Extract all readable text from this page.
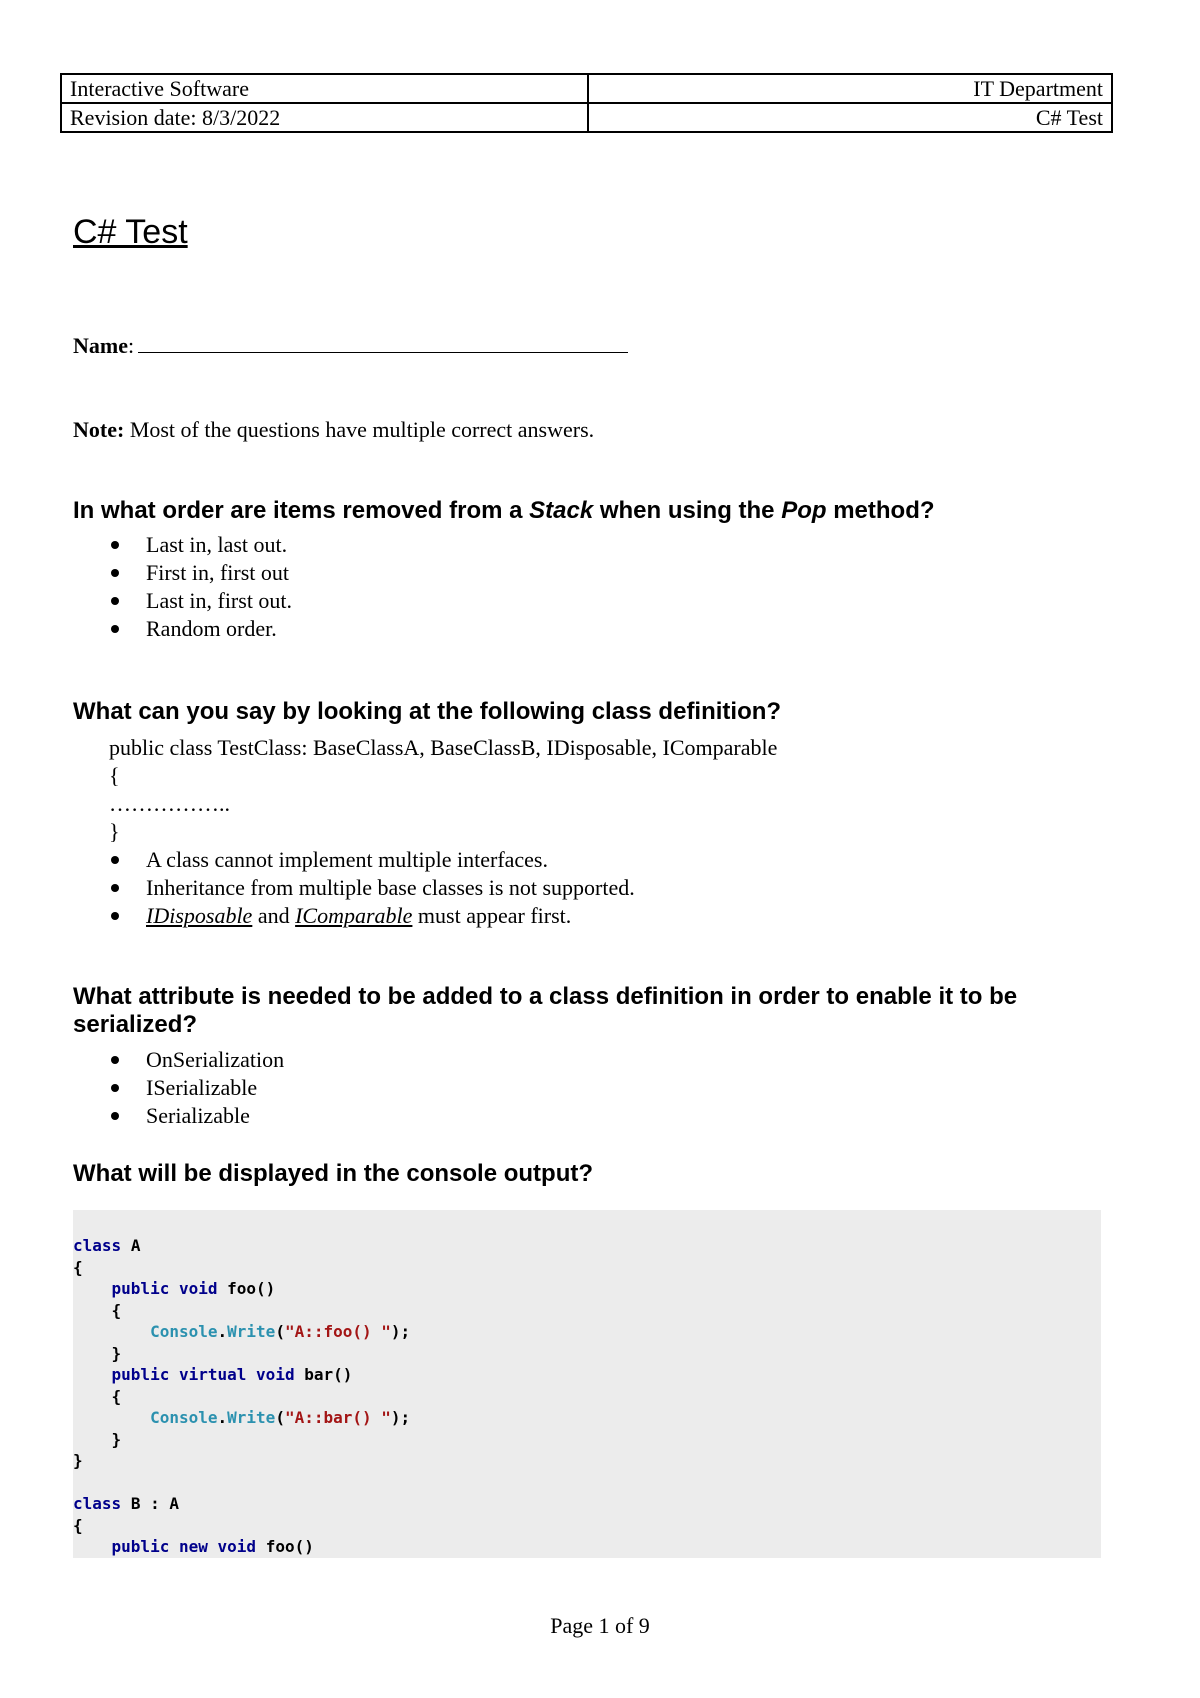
Interactive Software	IT Department
Revision date: 8/3/2022	C# Test
C# Test
Name:
Note: Most of the questions have multiple correct answers.

In what order are items removed from a Stack when using the Pop method?

Last in, last out.
First in, first out
Last in, first out.
Random order.

What can you say by looking at the following class definition?

public class TestClass: BaseClassA, BaseClassB, IDisposable, IComparable
{
……………..
}
A class cannot implement multiple interfaces.
Inheritance from multiple base classes is not supported.
IDisposable and IComparable must appear first.

What attribute is needed to be added to a class definition in order to enable it to be serialized?

OnSerialization
ISerializable
Serializable

What will be displayed in the console output?

class A
{
public void foo()
{
Console.Write("A::foo() ");
}
public virtual void bar()
{
Console.Write("A::bar() ");
}
}

class B : A
{
public new void foo()
Page 1 of 9
